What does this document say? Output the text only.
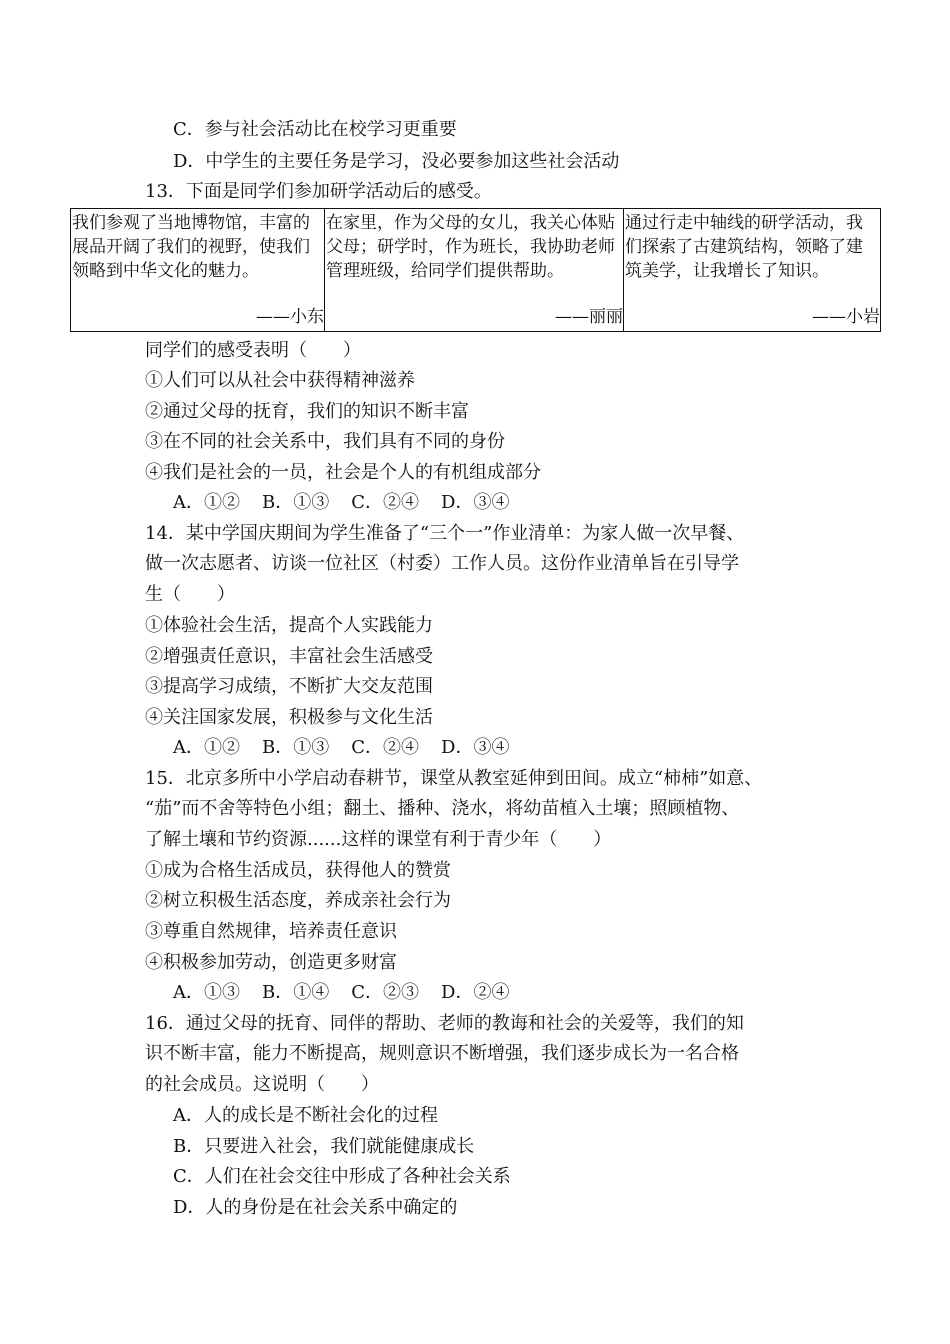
C．参与社会活动比在校学习更重要
D．中学生的主要任务是学习，没必要参加这些社会活动
13．下面是同学们参加研学活动后的感受。
我们参观了当地博物馆，丰富的展品开阔了我们的视野，使我们领略到中华文化的魅力。
——小东

在家里，作为父母的女儿，我关心体贴父母；研学时，作为班长，我协助老师管理班级，给同学们提供帮助。
——丽丽

通过行走中轴线的研学活动，我们探索了古建筑结构，领略了建筑美学，让我增长了知识。
——小岩
同学们的感受表明（　　）
①人们可以从社会中获得精神滋养
②通过父母的抚育，我们的知识不断丰富
③在不同的社会关系中，我们具有不同的身份
④我们是社会的一员，社会是个人的有机组成部分
A．①② B．①③ C．②④ D．③④
14．某中学国庆期间为学生准备了“三个一”作业清单：为家人做一次早餐、
做一次志愿者、访谈一位社区（村委）工作人员。这份作业清单旨在引导学
生（　　）
①体验社会生活，提高个人实践能力
②增强责任意识，丰富社会生活感受
③提高学习成绩，不断扩大交友范围
④关注国家发展，积极参与文化生活
A．①② B．①③ C．②④ D．③④
15．北京多所中小学启动春耕节，课堂从教室延伸到田间。成立“柿柿”如意、
“茄”而不舍等特色小组；翻土、播种、浇水，将幼苗植入土壤；照顾植物、
了解土壤和节约资源......这样的课堂有利于青少年（　　）
①成为合格生活成员，获得他人的赞赏
②树立积极生活态度，养成亲社会行为
③尊重自然规律，培养责任意识
④积极参加劳动，创造更多财富
A．①③ B．①④ C．②③ D．②④
16．通过父母的抚育、同伴的帮助、老师的教诲和社会的关爱等，我们的知
识不断丰富，能力不断提高，规则意识不断增强，我们逐步成长为一名合格
的社会成员。这说明（　　）
A．人的成长是不断社会化的过程
B．只要进入社会，我们就能健康成长
C．人们在社会交往中形成了各种社会关系
D．人的身份是在社会关系中确定的
